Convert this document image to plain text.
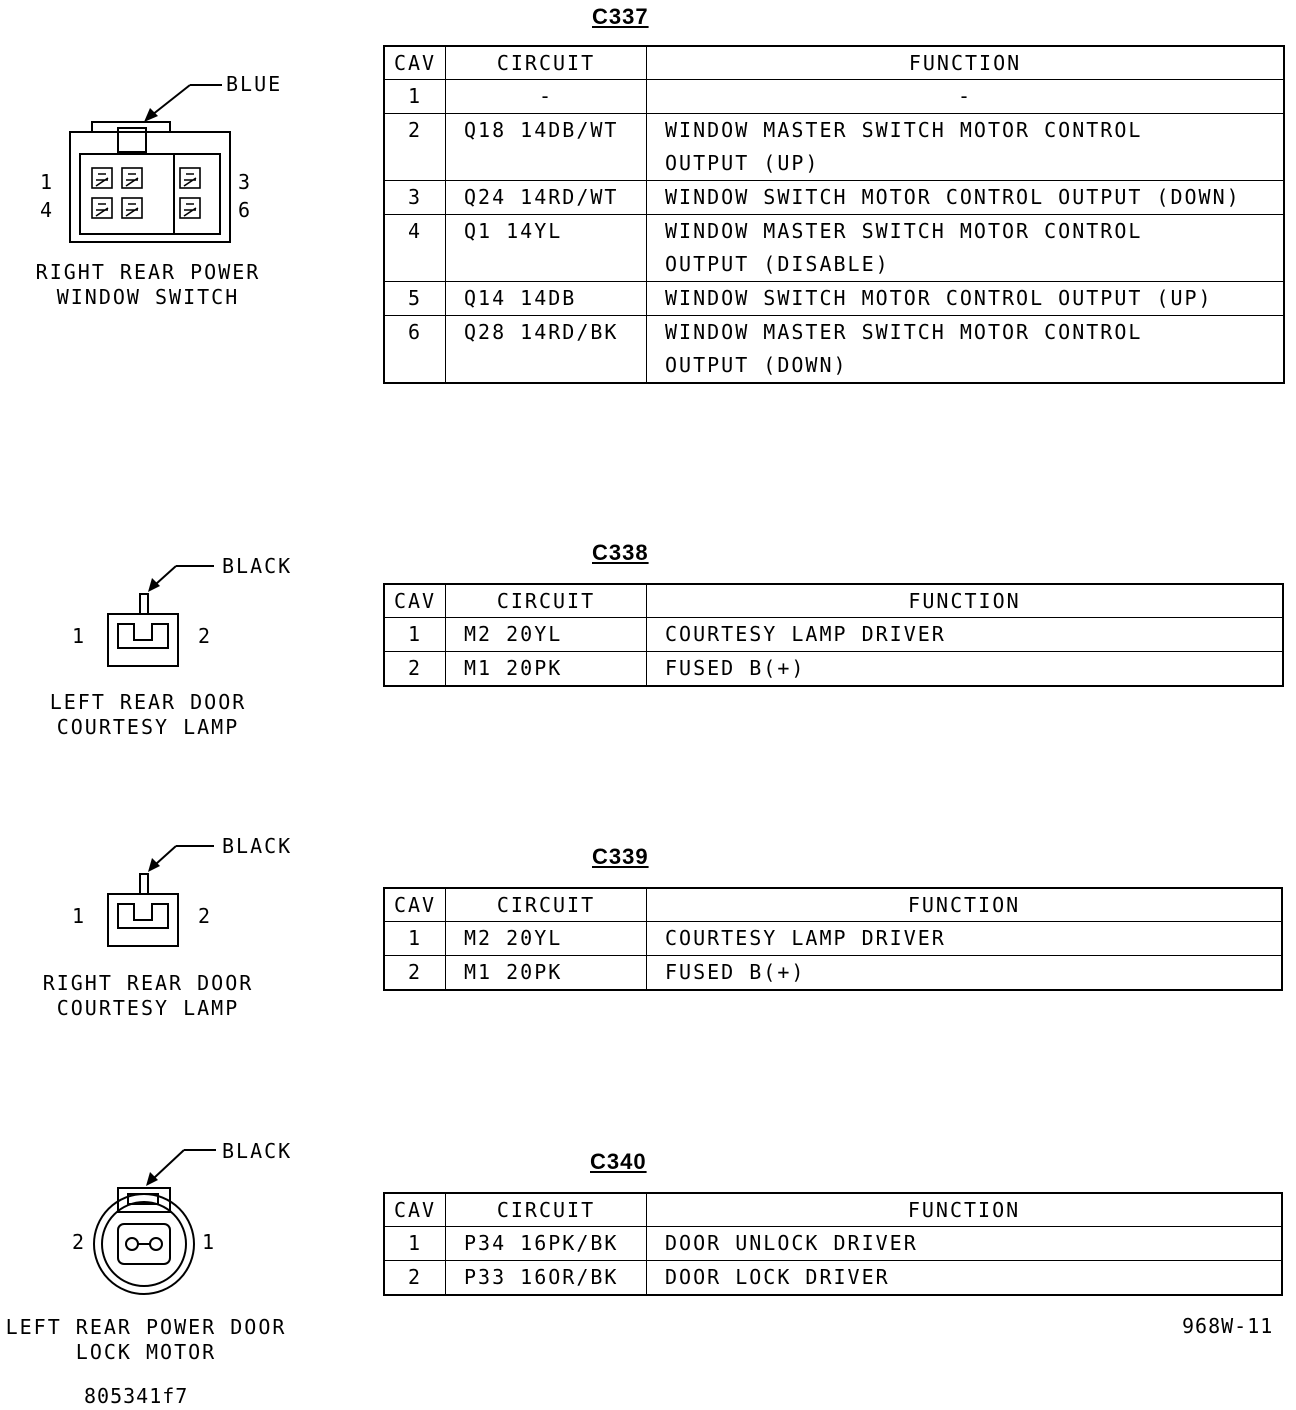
C337
BLUE
1	3
4	6
RIGHT REAR POWER
WINDOW SWITCH
CAV	CIRCUIT	FUNCTION
1	-	-
2	Q18 14DB/WT	WINDOW MASTER SWITCH MOTOR CONTROL
OUTPUT (UP)

3	Q24 14RD/WT	WINDOW SWITCH MOTOR CONTROL OUTPUT (DOWN)
4	Q1 14YL	WINDOW MASTER SWITCH MOTOR CONTROL
OUTPUT (DISABLE)

5	Q14 14DB	WINDOW SWITCH MOTOR CONTROL OUTPUT (UP)
6	Q28 14RD/BK	WINDOW MASTER SWITCH MOTOR CONTROL
OUTPUT (DOWN)
C338
BLACK
1	2
LEFT REAR DOOR
COURTESY LAMP
CAV	CIRCUIT	FUNCTION
1	M2 20YL	COURTESY LAMP DRIVER
2	M1 20PK	FUSED B(+)
C339
BLACK
1	2
RIGHT REAR DOOR
COURTESY LAMP
CAV	CIRCUIT	FUNCTION
1	M2 20YL	COURTESY LAMP DRIVER
2	M1 20PK	FUSED B(+)
C340
BLACK
2	1
LEFT REAR POWER DOOR
LOCK MOTOR
CAV	CIRCUIT	FUNCTION
1	P34 16PK/BK	DOOR UNLOCK DRIVER
2	P33 16OR/BK	DOOR LOCK DRIVER
968W-11
805341f7
